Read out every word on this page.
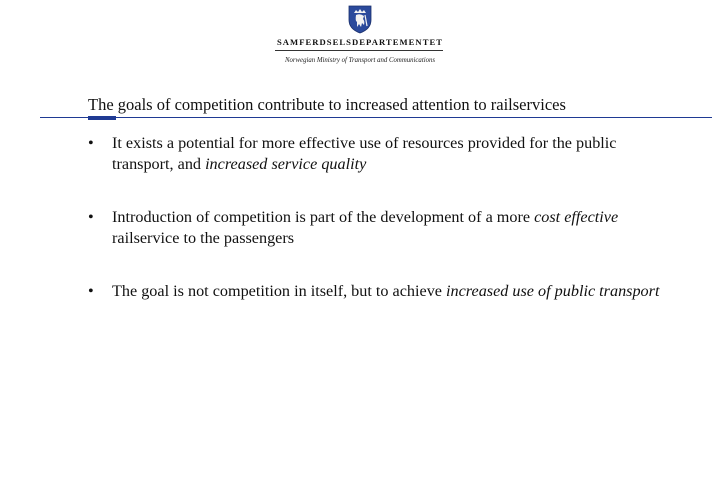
SAMFERDSELSDEPARTEMENTET
Norwegian Ministry of Transport and Communications
The goals of competition contribute to increased attention to railservices
• It exists a potential for more effective use of resources provided for the public transport, and increased service quality
• Introduction of competition is part of the development of a more cost effective railservice to the passengers
• The goal is not competition in itself, but to achieve increased use of public transport
